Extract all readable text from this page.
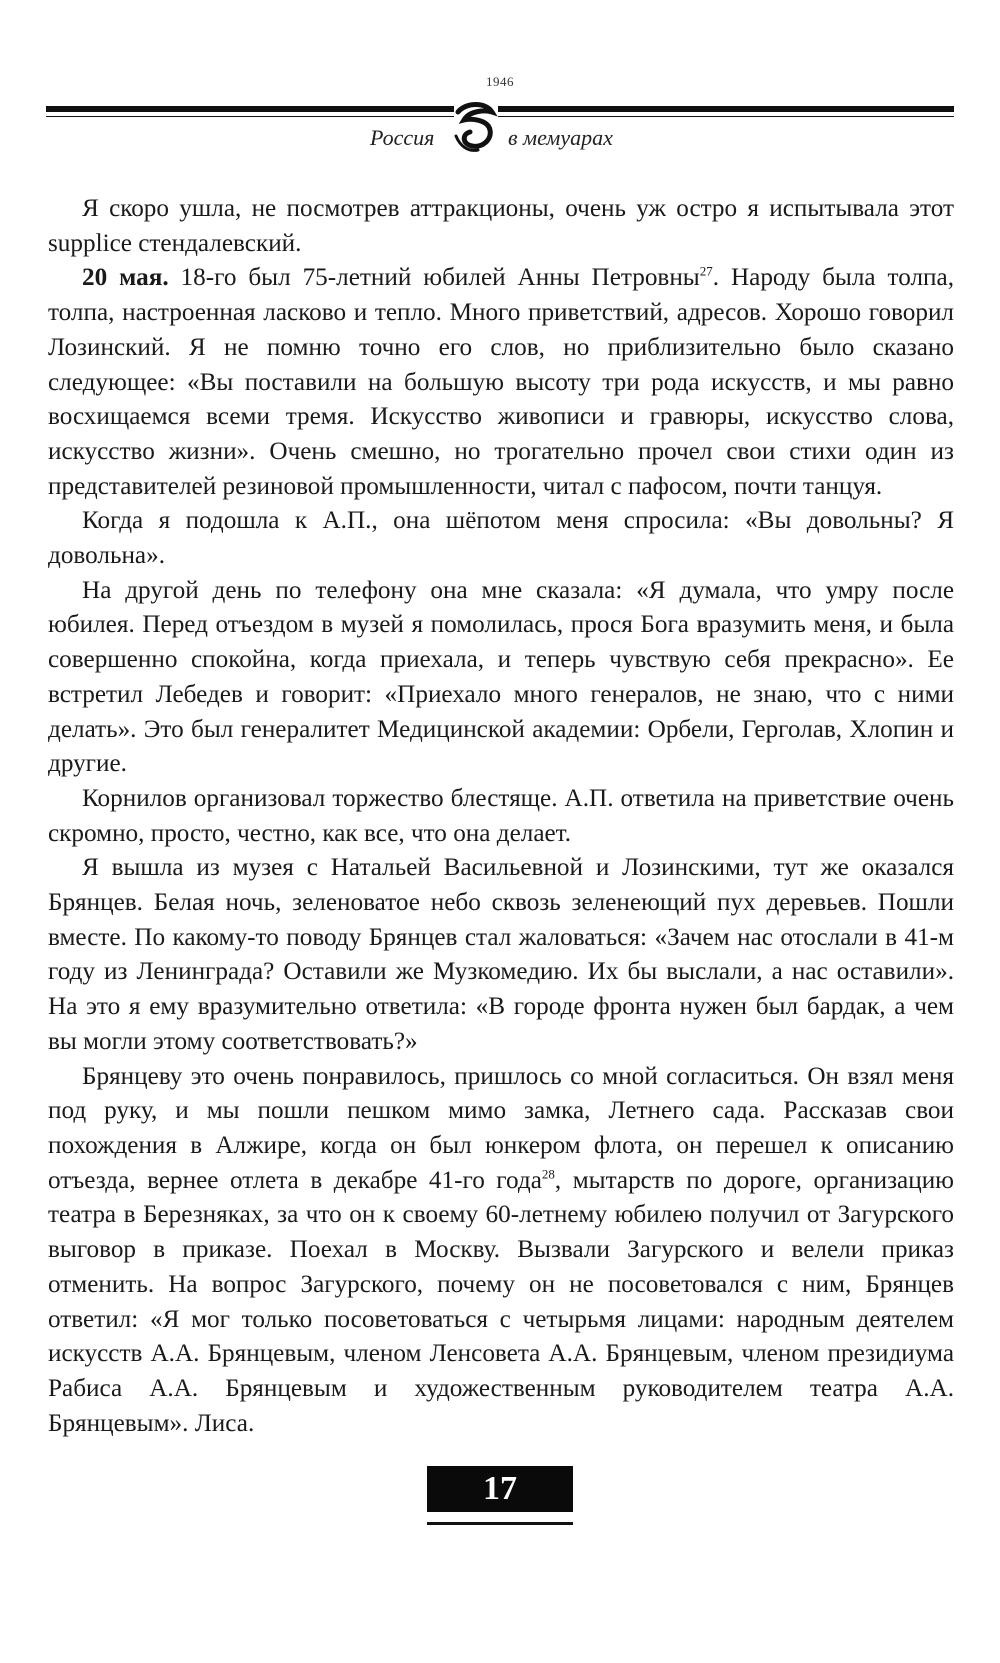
1946
Россия	в мемуарах

Я скоро ушла, не посмотрев аттракционы, очень уж остро я испытывала этот supplice стендалевский.

20 мая. 18-го был 75-летний юбилей Анны Петровны$^{27}$. Народу была толпа, толпа, настроенная ласково и тепло. Много приветствий, адресов. Хорошо говорил Лозинский. Я не помню точно его слов, но приблизительно было сказано следующее: «Вы поставили на большую высоту три рода искусств, и мы равно восхищаемся всеми тремя. Искусство живописи и гравюры, искусство слова, искусство жизни». Очень смешно, но трогательно прочел свои стихи один из представителей резиновой промышленности, читал с пафосом, почти танцуя.

Когда я подошла к А.П., она шёпотом меня спросила: «Вы довольны? Я довольна».

На другой день по телефону она мне сказала: «Я думала, что умру после юбилея. Перед отъездом в музей я помолилась, прося Бога вразумить меня, и была совершенно спокойна, когда приехала, и теперь чувствую себя прекрасно». Ее встретил Лебедев и говорит: «Приехало много генералов, не знаю, что с ними делать». Это был генералитет Медицинской академии: Орбели, Герголав, Хлопин и другие.

Корнилов организовал торжество блестяще. А.П. ответила на приветствие очень скромно, просто, честно, как все, что она делает.

Я вышла из музея с Натальей Васильевной и Лозинскими, тут же оказался Брянцев. Белая ночь, зеленоватое небо сквозь зеленеющий пух деревьев. Пошли вместе. По какому-то поводу Брянцев стал жаловаться: «Зачем нас отослали в 41-м году из Ленинграда? Оставили же Музкомедию. Их бы выслали, а нас оставили». На это я ему вразумительно ответила: «В городе фронта нужен был бардак, а чем вы могли этому соответствовать?»

Брянцеву это очень понравилось, пришлось со мной согласиться. Он взял меня под руку, и мы пошли пешком мимо замка, Летнего сада. Рассказав свои похождения в Алжире, когда он был юнкером флота, он перешел к описанию отъезда, вернее отлета в декабре 41-го года$^{28}$, мытарств по дороге, организацию театра в Березняках, за что он к своему 60-летнему юбилею получил от Загурского выговор в приказе. Поехал в Москву. Вызвали Загурского и велели приказ отменить. На вопрос Загурского, почему он не посоветовался с ним, Брянцев ответил: «Я мог только посоветоваться с четырьмя лицами: народным деятелем искусств А.А. Брянцевым, членом Ленсовета А.А. Брянцевым, членом президиума Рабиса А.А. Брянцевым и художественным руководителем театра А.А. Брянцевым». Лиса.

17
